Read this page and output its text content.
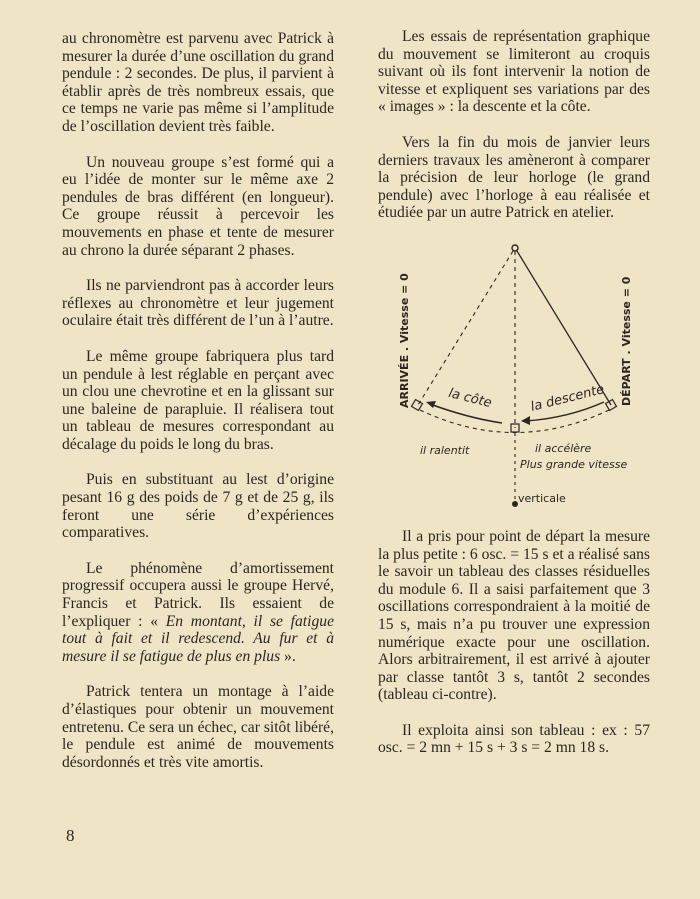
au chronomètre est parvenu avec Patrick à mesurer la durée d’une oscillation du grand pendule : 2 secondes. De plus, il parvient à établir après de très nombreux essais, que ce temps ne varie pas même si l’amplitude de l’oscillation devient très faible.

Un nouveau groupe s’est formé qui a eu l’idée de monter sur le même axe 2 pendules de bras différent (en longueur). Ce groupe réussit à percevoir les mouvements en phase et tente de mesurer au chrono la durée séparant 2 phases.

Ils ne parviendront pas à accorder leurs réflexes au chronomètre et leur jugement oculaire était très différent de l’un à l’autre.

Le même groupe fabriquera plus tard un pendule à lest réglable en perçant avec un clou une chevrotine et en la glissant sur une baleine de parapluie. Il réalisera tout un tableau de mesures correspondant au décalage du poids le long du bras.

Puis en substituant au lest d’origine pesant 16 g des poids de 7 g et de 25 g, ils feront une série d’expériences comparatives.

Le phénomène d’amortissement progressif occupera aussi le groupe Hervé, Francis et Patrick. Ils essaient de l’expliquer : « En montant, il se fatigue tout à fait et il redescend. Au fur et à mesure il se fatigue de plus en plus ».

Patrick tentera un montage à l’aide d’élastiques pour obtenir un mouvement entretenu. Ce sera un échec, car sitôt libéré, le pendule est animé de mouvements désordonnés et très vite amortis.

Les essais de représentation graphique du mouvement se limiteront au croquis suivant où ils font intervenir la notion de vitesse et expliquent ses variations par des « images » : la descente et la côte.

Vers la fin du mois de janvier leurs derniers travaux les amèneront à comparer la précision de leur horloge (le grand pendule) avec l’horloge à eau réalisée et étudiée par un autre Patrick en atelier.

ARRIVÉE . Vitesse = 0	DÉPART . Vitesse = 0
la côte	la descente
il ralentit	il accélère
Plus grande vitesse
verticale

Il a pris pour point de départ la mesure la plus petite : 6 osc. = 15 s et a réalisé sans le savoir un tableau des classes résiduelles du module 6. Il a saisi parfaitement que 3 oscillations correspondraient à la moitié de 15 s, mais n’a pu trouver une expression numérique exacte pour une oscillation. Alors arbitrairement, il est arrivé à ajouter par classe tantôt 3 s, tantôt 2 secondes (tableau ci-contre).

Il exploita ainsi son tableau : ex : 57 osc. = 2 mn + 15 s + 3 s = 2 mn 18 s.

8
